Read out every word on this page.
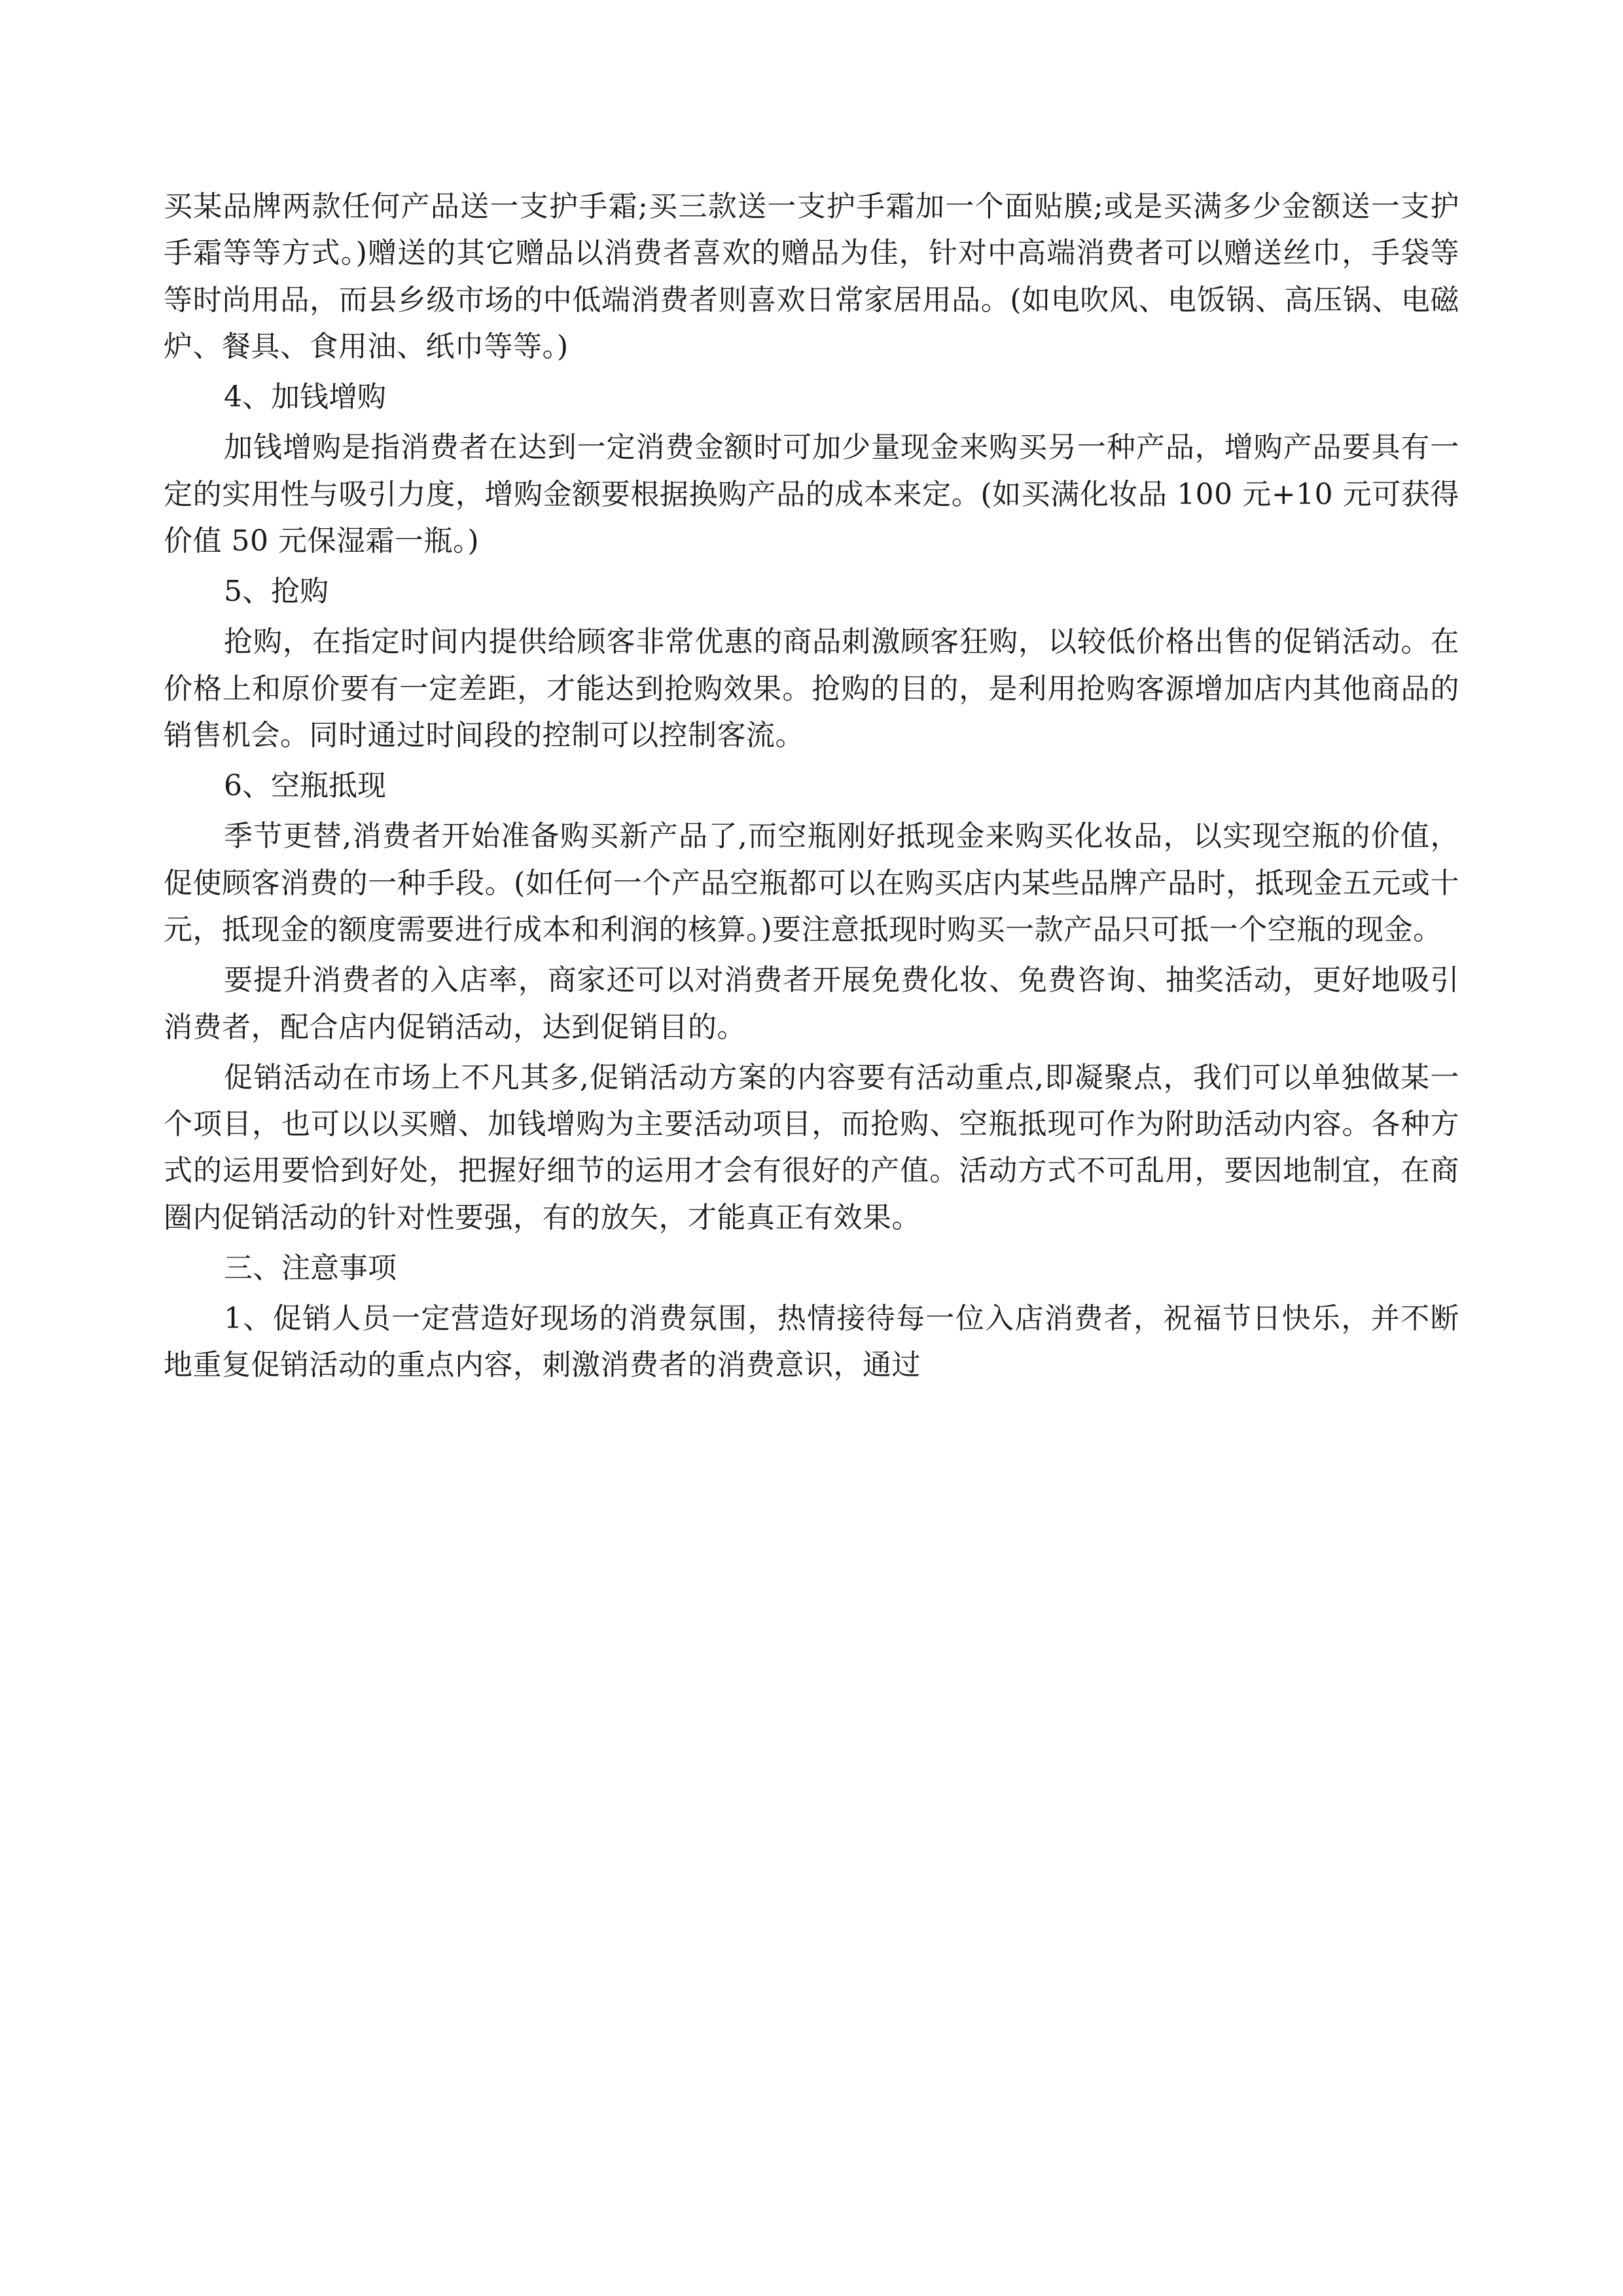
买某品牌两款任何产品送一支护手霜;买三款送一支护手霜加一个面贴膜;或是买满多少金额送一支护手霜等等方式。)赠送的其它赠品以消费者喜欢的赠品为佳，针对中高端消费者可以赠送丝巾，手袋等等时尚用品，而县乡级市场的中低端消费者则喜欢日常家居用品。(如电吹风、电饭锅、高压锅、电磁炉、餐具、食用油、纸巾等等。)

4、加钱增购

加钱增购是指消费者在达到一定消费金额时可加少量现金来购买另一种产品，增购产品要具有一定的实用性与吸引力度，增购金额要根据换购产品的成本来定。(如买满化妆品 100 元+10 元可获得价值 50 元保湿霜一瓶。)

5、抢购

抢购，在指定时间内提供给顾客非常优惠的商品刺激顾客狂购，以较低价格出售的促销活动。在价格上和原价要有一定差距，才能达到抢购效果。抢购的目的，是利用抢购客源增加店内其他商品的销售机会。同时通过时间段的控制可以控制客流。

6、空瓶抵现

季节更替,消费者开始准备购买新产品了,而空瓶刚好抵现金来购买化妆品，以实现空瓶的价值，促使顾客消费的一种手段。(如任何一个产品空瓶都可以在购买店内某些品牌产品时，抵现金五元或十元，抵现金的额度需要进行成本和利润的核算。)要注意抵现时购买一款产品只可抵一个空瓶的现金。

要提升消费者的入店率，商家还可以对消费者开展免费化妆、免费咨询、抽奖活动，更好地吸引消费者，配合店内促销活动，达到促销目的。

促销活动在市场上不凡其多,促销活动方案的内容要有活动重点,即凝聚点，我们可以单独做某一个项目，也可以以买赠、加钱增购为主要活动项目，而抢购、空瓶抵现可作为附助活动内容。各种方式的运用要恰到好处，把握好细节的运用才会有很好的产值。活动方式不可乱用，要因地制宜，在商圈内促销活动的针对性要强，有的放矢，才能真正有效果。

三、注意事项

1、促销人员一定营造好现场的消费氛围，热情接待每一位入店消费者，祝福节日快乐，并不断地重复促销活动的重点内容，刺激消费者的消费意识，通过
